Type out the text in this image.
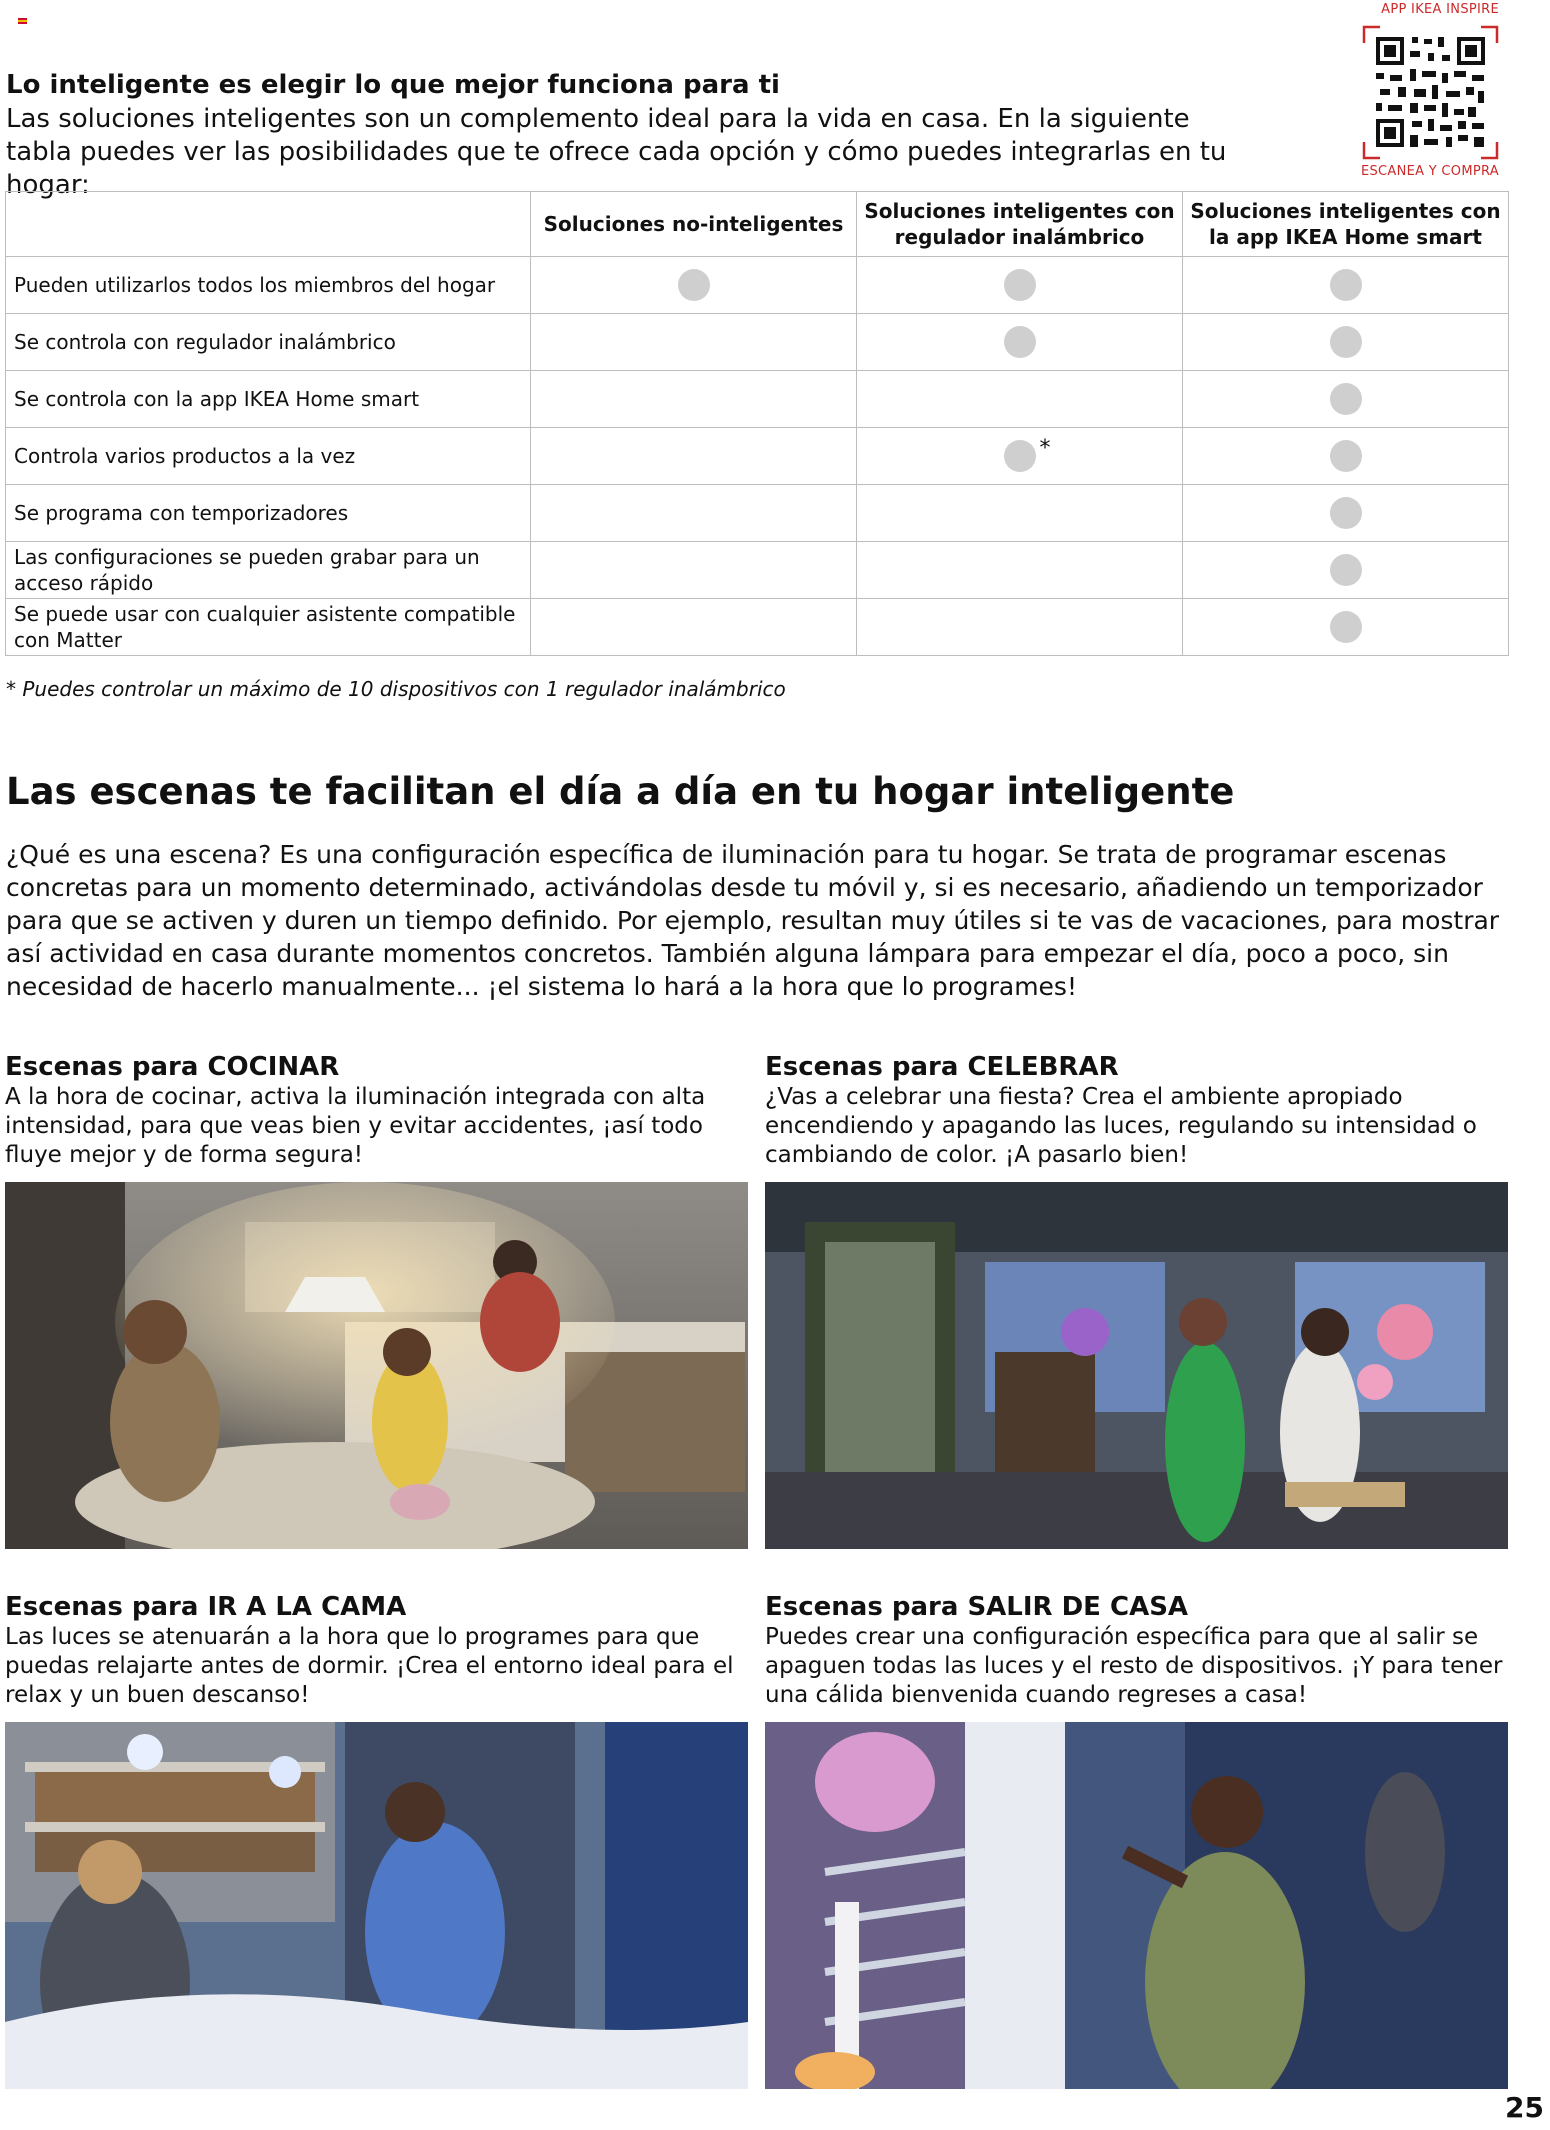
APP IKEA INSPIRE
ESCANEA Y COMPRA
Lo inteligente es elegir lo que mejor funciona para ti
Las soluciones inteligentes son un complemento ideal para la vida en casa. En la siguiente tabla puedes ver las posibilidades que te ofrece cada opción y cómo puedes integrarlas en tu hogar:
	Soluciones no-inteligentes	Soluciones inteligentes con regulador inalámbrico	Soluciones inteligentes con la app IKEA Home smart
Pueden utilizarlos todos los miembros del hogar	

Se controla con regulador inalámbrico		

Se controla con la app IKEA Home smart			

Controla varios productos a la vez		*	

Se programa con temporizadores			

Las configuraciones se pueden grabar para un acceso rápido			

Se puede usar con cualquier asistente compatible con Matter			
* Puedes controlar un máximo de 10 dispositivos con 1 regulador inalámbrico
Las escenas te facilitan el día a día en tu hogar inteligente
¿Qué es una escena? Es una configuración específica de iluminación para tu hogar. Se trata de programar escenas concretas para un momento determinado, activándolas desde tu móvil y, si es necesario, añadiendo un temporizador para que se activen y duren un tiempo definido. Por ejemplo, resultan muy útiles si te vas de vacaciones, para mostrar así actividad en casa durante momentos concretos. También alguna lámpara para empezar el día, poco a poco, sin necesidad de hacerlo manualmente... ¡el sistema lo hará a la hora que lo programes!
Escenas para COCINAR
A la hora de cocinar, activa la iluminación integrada con alta intensidad, para que veas bien y evitar accidentes, ¡así todo fluye mejor y de forma segura!
Escenas para CELEBRAR
¿Vas a celebrar una fiesta? Crea el ambiente apropiado encendiendo y apagando las luces, regulando su intensidad o cambiando de color. ¡A pasarlo bien!
Escenas para IR A LA CAMA
Las luces se atenuarán a la hora que lo programes para que puedas relajarte antes de dormir. ¡Crea el entorno ideal para el relax y un buen descanso!
Escenas para SALIR DE CASA
Puedes crear una configuración específica para que al salir se apaguen todas las luces y el resto de dispositivos. ¡Y para tener una cálida bienvenida cuando regreses a casa!
25
